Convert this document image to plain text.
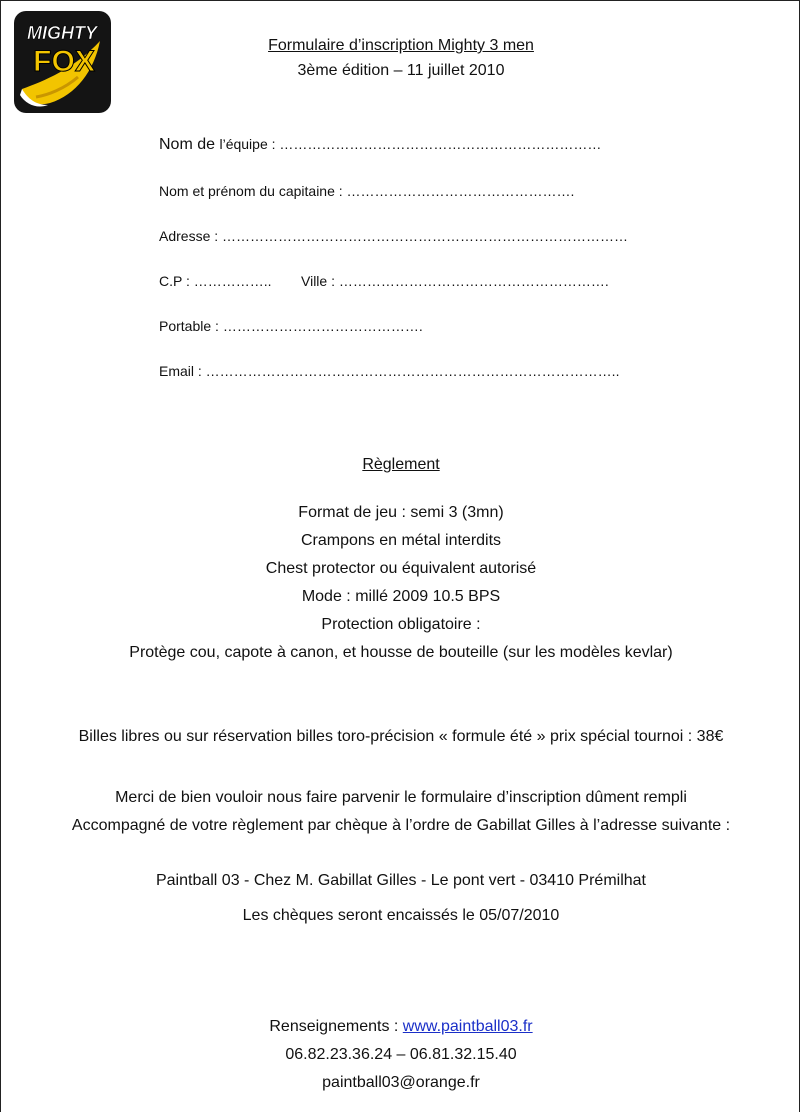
MIGHTY
FOX	Formulaire d’inscription Mighty 3 men
3ème édition – 11 juillet 2010
Nom de l’équipe : ……………………………………………………………
Nom et prénom du capitaine : ………………………………………….
Adresse : ……………………………………………………………………………
C.P : …………….. Ville : ………………………………………………….
Portable : …………………………………….
Email : ……………………………………………………………………………..
Règlement
Format de jeu : semi 3 (3mn)
Crampons en métal interdits
Chest protector ou équivalent autorisé
Mode : millé 2009 10.5 BPS
Protection obligatoire :
Protège cou, capote à canon, et housse de bouteille (sur les modèles kevlar)
Billes libres ou sur réservation billes toro-précision « formule été » prix spécial tournoi : 38€
Merci de bien vouloir nous faire parvenir le formulaire d’inscription dûment rempli
Accompagné de votre règlement par chèque à l’ordre de Gabillat Gilles à l’adresse suivante :
Paintball 03 - Chez M. Gabillat Gilles - Le pont vert - 03410 Prémilhat
Les chèques seront encaissés le 05/07/2010
Renseignements : www.paintball03.fr
06.82.23.36.24 – 06.81.32.15.40
paintball03@orange.fr
